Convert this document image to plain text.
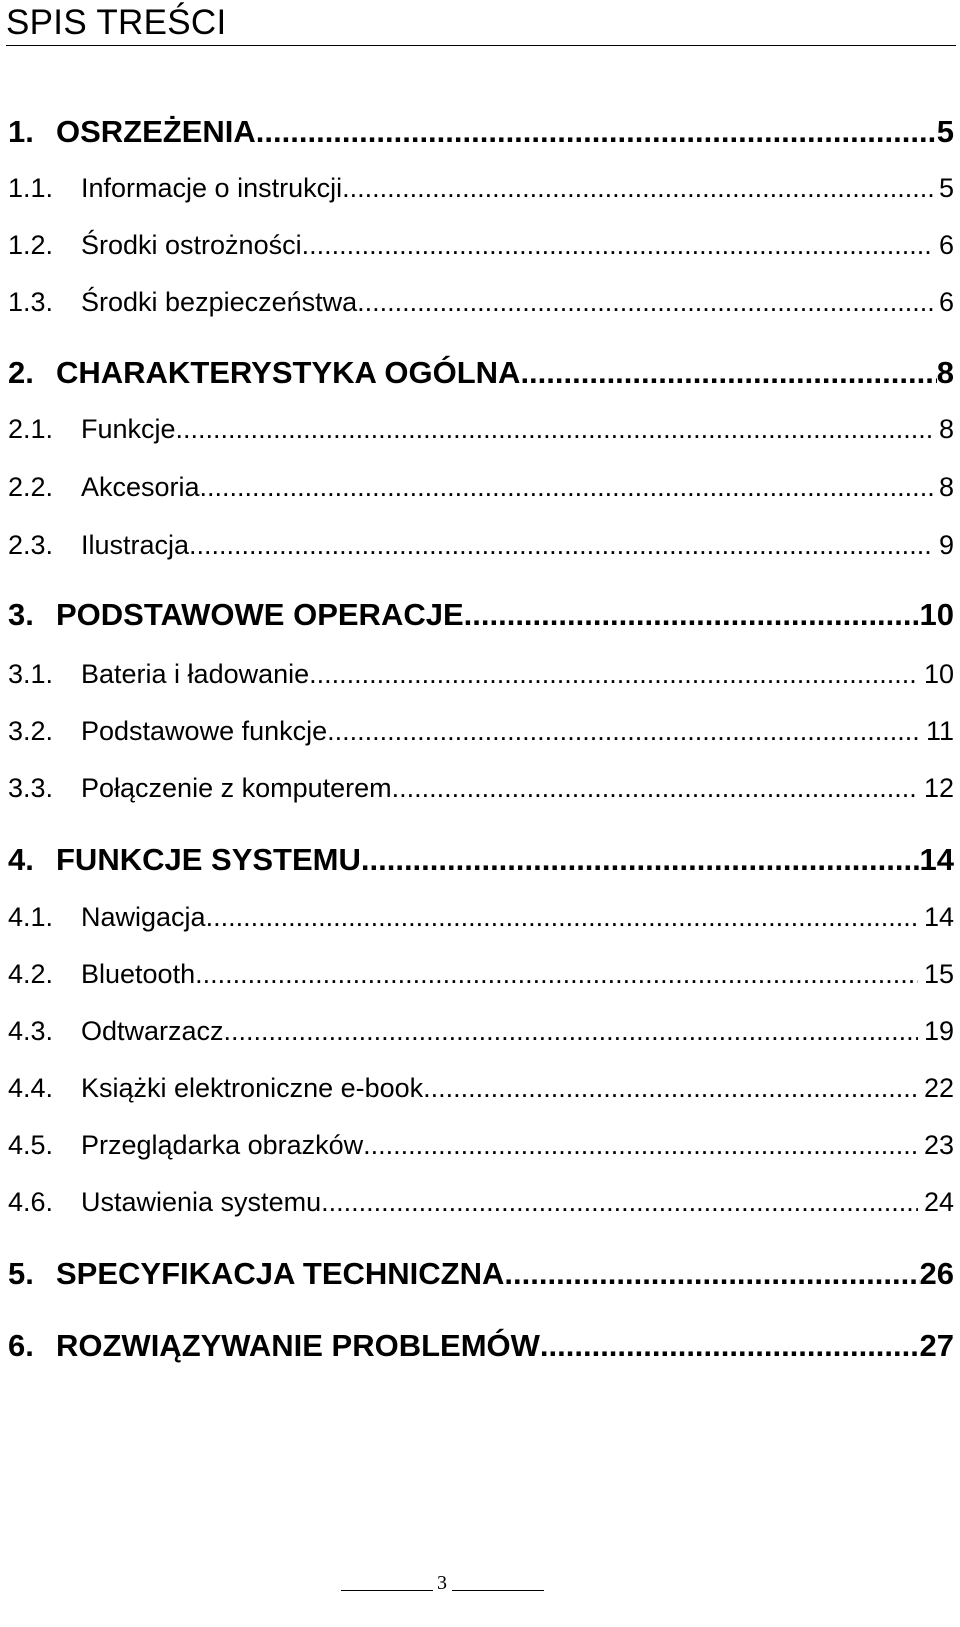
SPIS TREŚCI
1. OSRZEŻENIA .....	5
1.1.	Informacje o instrukcji .....	5
1.2.	Środki ostrożności .....	6
1.3.	Środki bezpieczeństwa .....	6
2. CHARAKTERYSTYKA OGÓLNA .....	8
2.1.	Funkcje .....	8
2.2.	Akcesoria .....	8
2.3.	Ilustracja .....	9
3. PODSTAWOWE OPERACJE .....	10
3.1.	Bateria i ładowanie .....	10
3.2.	Podstawowe funkcje .....	11
3.3.	Połączenie z komputerem .....	12
4. FUNKCJE SYSTEMU .....	14
4.1.	Nawigacja .....	14
4.2.	Bluetooth .....	15
4.3.	Odtwarzacz .....	19
4.4.	Książki elektroniczne e-book .....	22
4.5.	Przeglądarka obrazków .....	23
4.6.	Ustawienia systemu .....	24
5. SPECYFIKACJA TECHNICZNA .....	26
6. ROZWIĄZYWANIE PROBLEMÓW .....	27
3
